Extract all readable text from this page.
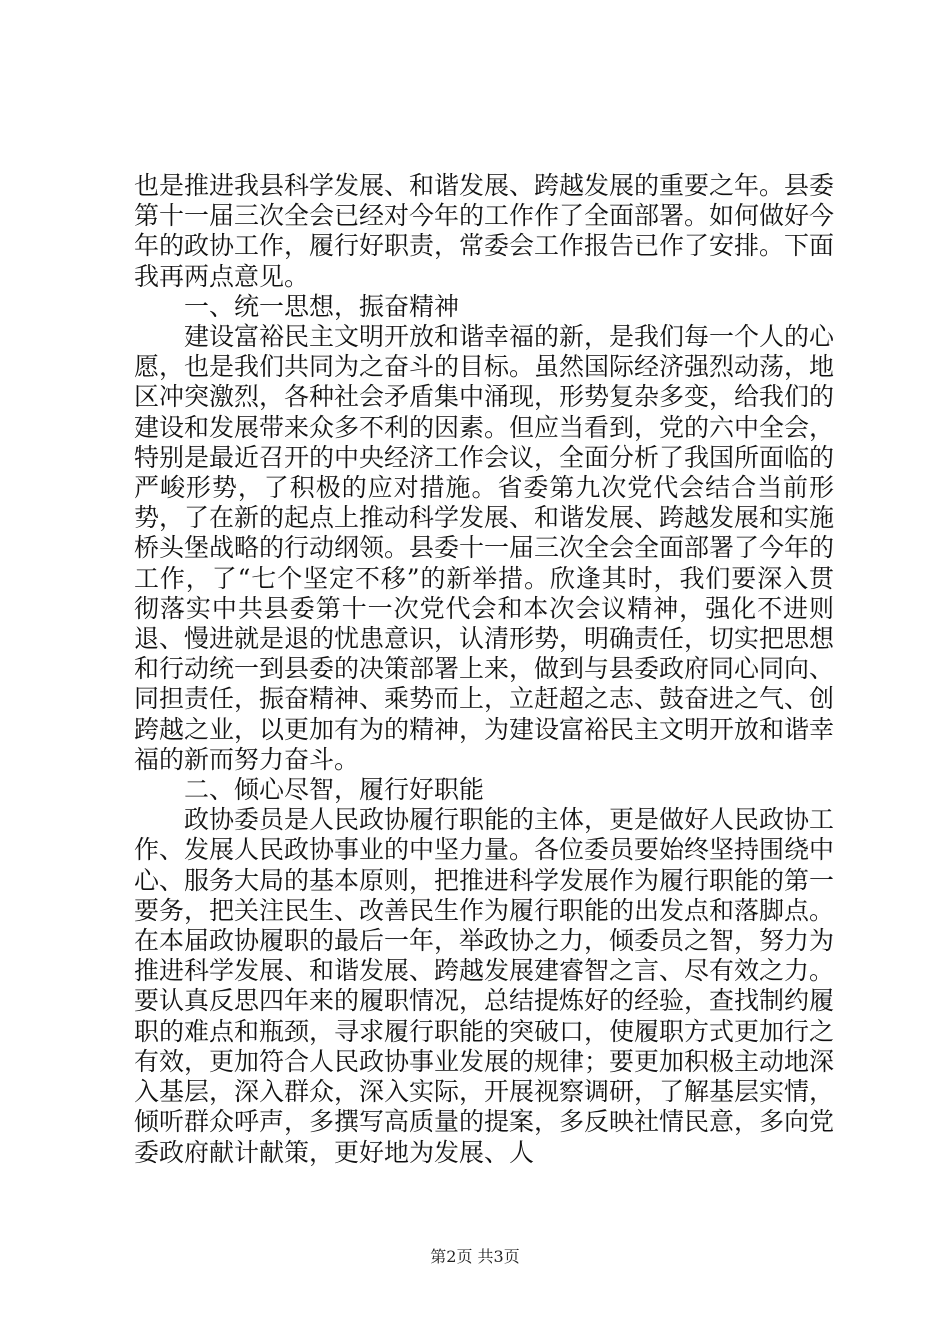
也是推进我县科学发展、和谐发展、跨越发展的重要之年。县委第十一届三次全会已经对今年的工作作了全面部署。如何做好今年的政协工作，履行好职责，常委会工作报告已作了安排。下面我再两点意见。

一、统一思想，振奋精神

建设富裕民主文明开放和谐幸福的新，是我们每一个人的心愿，也是我们共同为之奋斗的目标。虽然国际经济强烈动荡，地区冲突激烈，各种社会矛盾集中涌现，形势复杂多变，给我们的建设和发展带来众多不利的因素。但应当看到，党的六中全会，特别是最近召开的中央经济工作会议，全面分析了我国所面临的严峻形势，了积极的应对措施。省委第九次党代会结合当前形势，了在新的起点上推动科学发展、和谐发展、跨越发展和实施桥头堡战略的行动纲领。县委十一届三次全会全面部署了今年的工作，了“七个坚定不移”的新举措。欣逢其时，我们要深入贯彻落实中共县委第十一次党代会和本次会议精神，强化不进则退、慢进就是退的忧患意识，认清形势，明确责任，切实把思想和行动统一到县委的决策部署上来，做到与县委政府同心同向、同担责任，振奋精神、乘势而上，立赶超之志、鼓奋进之气、创跨越之业，以更加有为的精神，为建设富裕民主文明开放和谐幸福的新而努力奋斗。

二、倾心尽智，履行好职能

政协委员是人民政协履行职能的主体，更是做好人民政协工作、发展人民政协事业的中坚力量。各位委员要始终坚持围绕中心、服务大局的基本原则，把推进科学发展作为履行职能的第一要务，把关注民生、改善民生作为履行职能的出发点和落脚点。在本届政协履职的最后一年，举政协之力，倾委员之智，努力为推进科学发展、和谐发展、跨越发展建睿智之言、尽有效之力。要认真反思四年来的履职情况，总结提炼好的经验，查找制约履职的难点和瓶颈，寻求履行职能的突破口，使履职方式更加行之有效，更加符合人民政协事业发展的规律；要更加积极主动地深入基层，深入群众，深入实际，开展视察调研，了解基层实情，倾听群众呼声，多撰写高质量的提案，多反映社情民意，多向党委政府献计献策，更好地为发展、人

第2页 共3页
